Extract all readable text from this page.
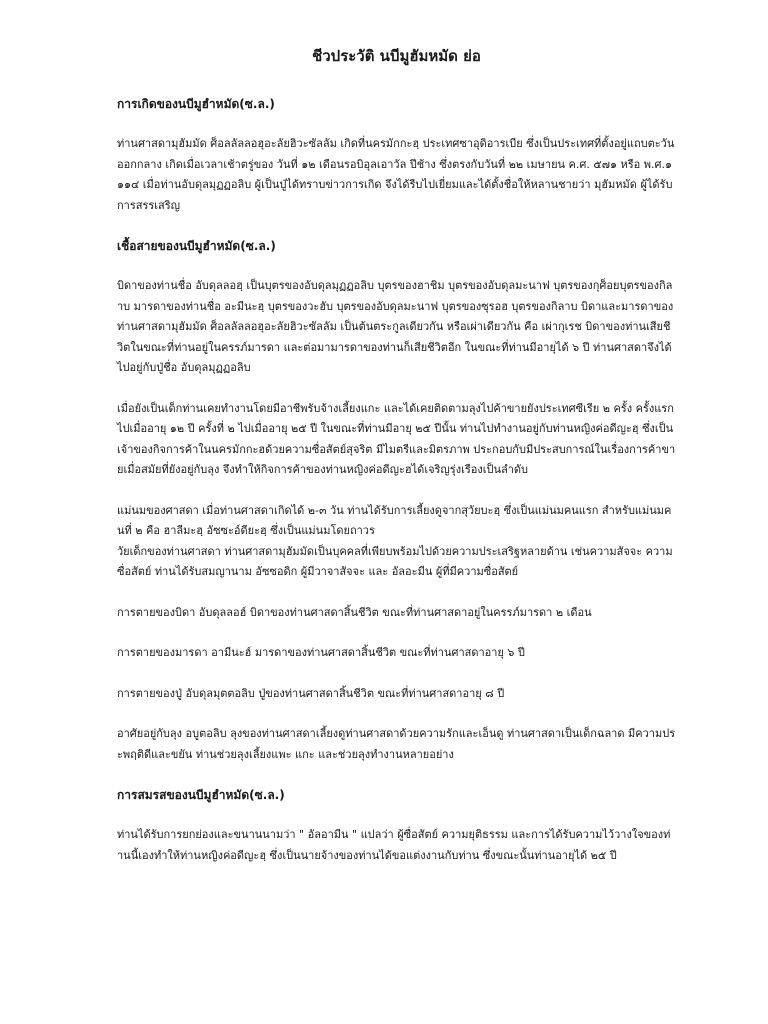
ชีวประวัติ นบีมูฮัมหมัด ย่อ
การเกิดของนบีมูฮำหมัด(ซ.ล.)
ท่านศาสดามุฮัมมัด ศ็อลลัลลอฮุอะลัยฮิวะซัลลัม เกิดที่นครมักกะฮฺ ประเทศซาอุดิอารเบีย ซึ่งเป็นประเทศที่ตั้งอยู่แถบตะวันออกกลาง เกิดเมื่อเวลาเช้าตรู่ของ วันที่ ๑๒ เดือนรอบิอุลเอาวัล ปีช้าง ซึ่งตรงกับวันที่ ๒๒ เมษายน ค.ศ. ๕๗๑ หรือ พ.ศ.๑๑๑๔ เมื่อท่านอับดุลมุฏฏอลิบ ผู้เป็นปู่ได้ทราบข่าวการเกิด จึงได้รีบไปเยี่ยมและได้ตั้งชื่อให้หลานชายว่า มุฮัมหมัด ผู้ได้รับการสรรเสริญ
เชื้อสายของนบีมูฮำหมัด(ซ.ล.)
บิดาของท่านชื่อ อับดุลลอฮฺ เป็นบุตรของอับดุลมุฏฏอลิบ บุตรของฮาชิม บุตรของอับดุลมะนาฟ บุตรของกุศ็อยบุตรของกิลาบ มารดาของท่านชื่อ อะมีนะฮฺ บุตรของวะฮับ บุตรของอับดุลมะนาฟ บุตรของซุรอฮ บุตรของกิลาบ บิดาและมารดาของท่านศาสดามุฮัมมัด ศ็อลลัลลอฮุอะลัยฮิวะซัลลัม เป็นต้นตระกูลเดียวกัน หรือเผ่าเดียวกัน คือ เผ่ากุเรช บิดาของท่านเสียชีวิตในขณะที่ท่านอยู่ในครรภ์มารดา และต่อมามารดาของท่านก็เสียชีวิตอีก ในขณะที่ท่านมีอายุได้ ๖ ปี ท่านศาสดาจึงได้ไปอยู่กับปู่ชื่อ อับดุลมุฏฏอลิบ
เมื่อยังเป็นเด็กท่านเคยทำงานโดยมีอาชีพรับจ้างเลี้ยงแกะ และได้เคยติดตามลุงไปค้าขายยังประเทศซีเรีย ๒ ครั้ง ครั้งแรกไปเมื่ออายุ ๑๒ ปี ครั้งที่ ๒ ไปเมื่ออายุ ๒๕ ปี ในขณะที่ท่านมีอายุ ๒๕ ปีนั้น ท่านไปทำงานอยู่กับท่านหญิงค่อดีญะฮฺ ซึ่งเป็นเจ้าของกิจการค้าในนครมักกะฮด้วยความซื่อสัตย์สุจริต มีไมตรีและมิตรภาพ ประกอบกับมีประสบการณ์ในเรื่องการค้าขายเมื่อสมัยที่ยังอยู่กับลุง จึงทำให้กิจการค้าของท่านหญิงค่อดีญะฮได้เจริญรุ่งเรืองเป็นลำดับ
แม่นมของศาสดา เมื่อท่านศาสดาเกิดได้ ๒-๓ วัน ท่านได้รับการเลี้ยงดูจากสุวัยบะฮฺ ซึ่งเป็นแม่นมคนแรก สำหรับแม่นมคนที่ ๒ คือ ฮาลีมะฮฺ อัซซะอ์ดียะฮฺ ซึ่งเป็นแม่นมโดยถาวร
วัยเด็กของท่านศาสดา ท่านศาสดามุฮัมมัดเป็นบุคคลที่เพียบพร้อมไปด้วยความประเสริฐหลายด้าน เช่นความสัจจะ ความซื่อสัตย์ ท่านได้รับสมญานาม อัซซอดิก ผู้มีวาจาสัจจะ และ อัลอะมีน ผู้ที่มีความซื่อสัตย์
การตายของบิดา อับดุลลอฮ์ บิดาของท่านศาสดาสิ้นชีวิต ขณะที่ท่านศาสดาอยู่ในครรภ์มารดา ๒ เดือน
การตายของมารดา อามีนะฮ์ มารดาของท่านศาสดาสิ้นชีวิต ขณะที่ท่านศาสดาอายุ ๖ ปี
การตายของปู่ อับดุลมุตตอลิบ ปู่ของท่านศาสดาสิ้นชีวิต ขณะที่ท่านศาสดาอายุ ๘ ปี
อาศัยอยู่กับลุง อบูตอลิบ ลุงของท่านศาสดาเลี้ยงดูท่านศาสดาด้วยความรักและเอ็นดู ท่านศาสดาเป็นเด็กฉลาด มีความประพฤติดีและขยัน ท่านช่วยลุงเลี้ยงแพะ แกะ และช่วยลุงทำงานหลายอย่าง
การสมรสของนบีมูฮำหมัด(ซ.ล.)
ท่านได้รับการยกย่องและขนานนามว่า " อัลอามีน " แปลว่า ผู้ซื่อสัตย์ ความยุติธรรม และการได้รับความไว้วางใจของท่านนี้เองทำให้ท่านหญิงค่อดีญะฮฺ ซึ่งเป็นนายจ้างของท่านได้ขอแต่งงานกับท่าน ซึ่งขณะนั้นท่านอายุได้ ๒๕ ปี
